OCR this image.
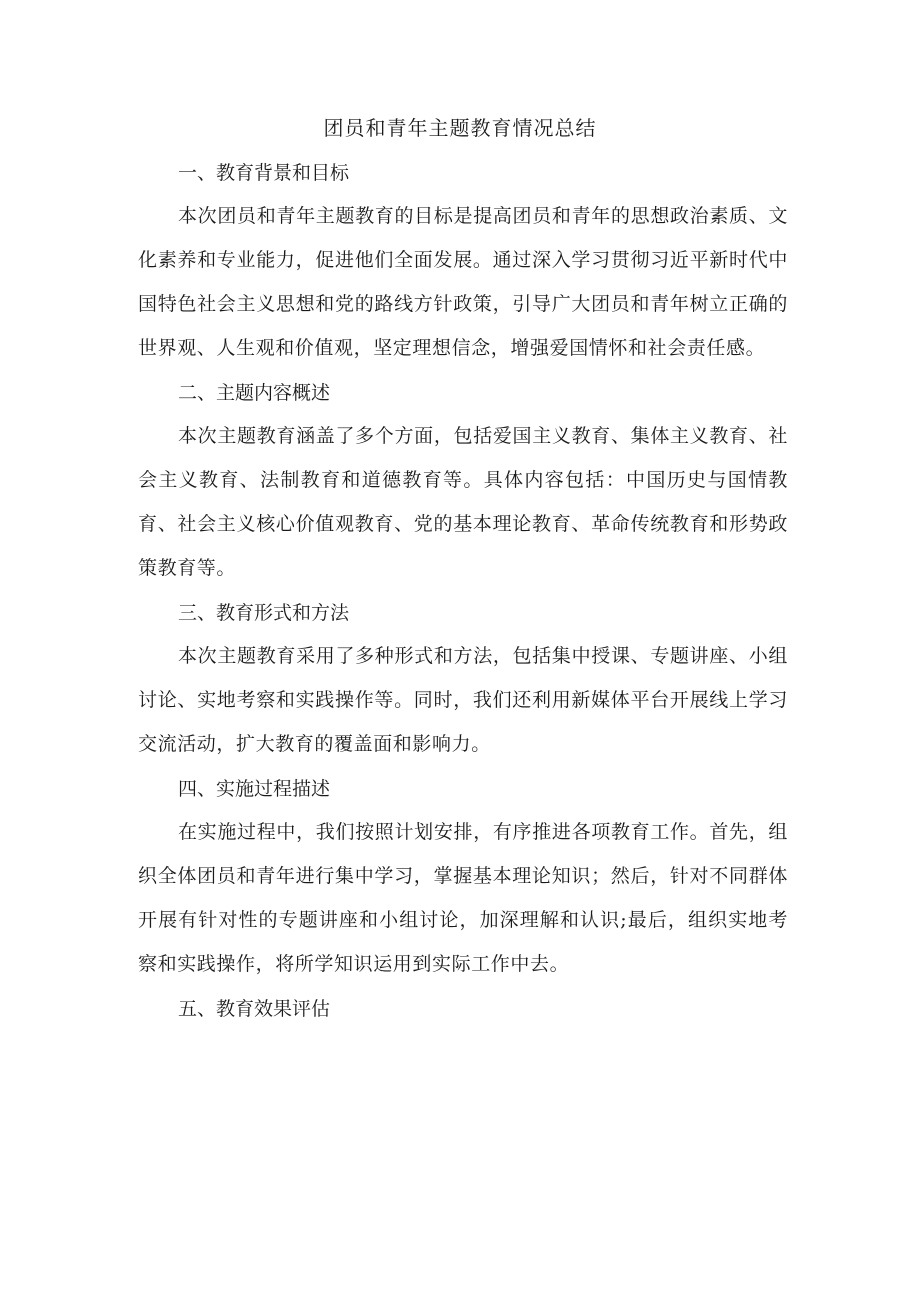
团员和青年主题教育情况总结
一、教育背景和目标

本次团员和青年主题教育的目标是提高团员和青年的思想政治素质、文化素养和专业能力，促进他们全面发展。通过深入学习贯彻习近平新时代中国特色社会主义思想和党的路线方针政策，引导广大团员和青年树立正确的世界观、人生观和价值观，坚定理想信念，增强爱国情怀和社会责任感。

二、主题内容概述

本次主题教育涵盖了多个方面，包括爱国主义教育、集体主义教育、社会主义教育、法制教育和道德教育等。具体内容包括：中国历史与国情教育、社会主义核心价值观教育、党的基本理论教育、革命传统教育和形势政策教育等。

三、教育形式和方法

本次主题教育采用了多种形式和方法，包括集中授课、专题讲座、小组讨论、实地考察和实践操作等。同时，我们还利用新媒体平台开展线上学习交流活动，扩大教育的覆盖面和影响力。

四、实施过程描述

在实施过程中，我们按照计划安排，有序推进各项教育工作。首先，组织全体团员和青年进行集中学习，掌握基本理论知识；然后，针对不同群体开展有针对性的专题讲座和小组讨论，加深理解和认识;最后，组织实地考察和实践操作，将所学知识运用到实际工作中去。

五、教育效果评估
